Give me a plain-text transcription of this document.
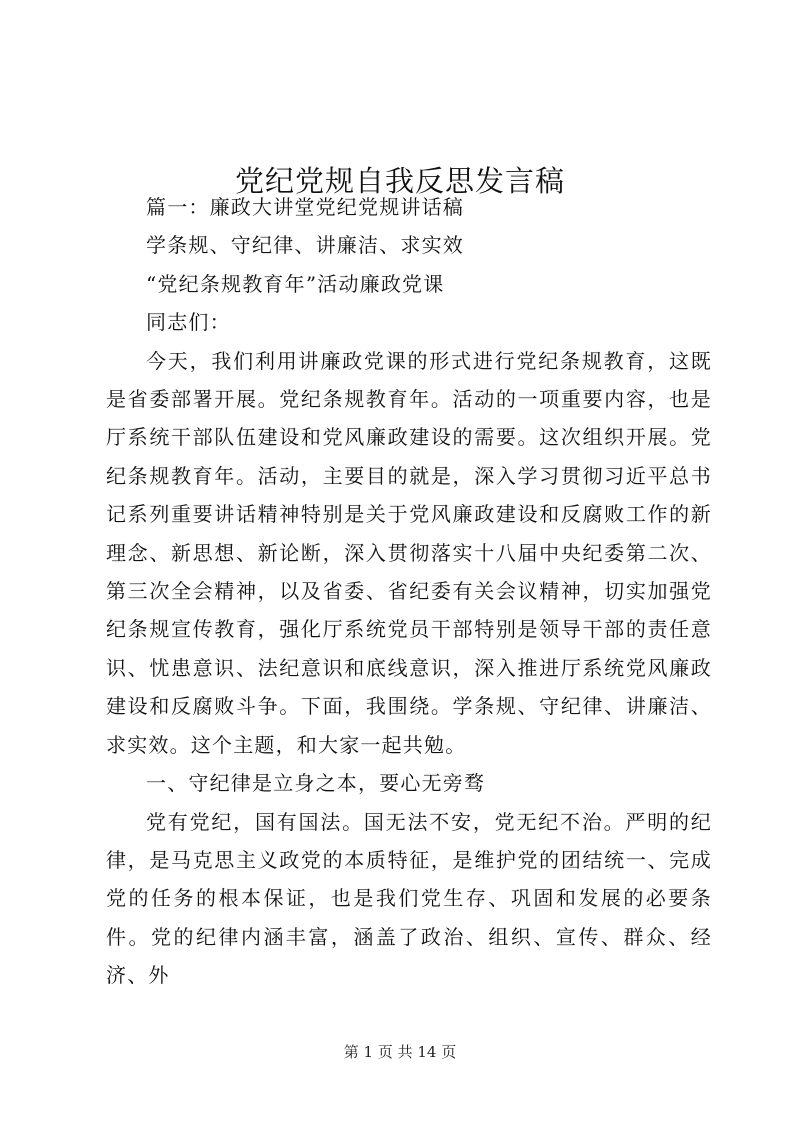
党纪党规自我反思发言稿

篇一：廉政大讲堂党纪党规讲话稿

学条规、守纪律、讲廉洁、求实效

“党纪条规教育年”活动廉政党课

同志们：

今天，我们利用讲廉政党课的形式进行党纪条规教育，这既是省委部署开展。党纪条规教育年。活动的一项重要内容，也是厅系统干部队伍建设和党风廉政建设的需要。这次组织开展。党纪条规教育年。活动，主要目的就是，深入学习贯彻习近平总书记系列重要讲话精神特别是关于党风廉政建设和反腐败工作的新理念、新思想、新论断，深入贯彻落实十八届中央纪委第二次、第三次全会精神，以及省委、省纪委有关会议精神，切实加强党纪条规宣传教育，强化厅系统党员干部特别是领导干部的责任意识、忧患意识、法纪意识和底线意识，深入推进厅系统党风廉政建设和反腐败斗争。下面，我围绕。学条规、守纪律、讲廉洁、求实效。这个主题，和大家一起共勉。

一、守纪律是立身之本，要心无旁骛

党有党纪，国有国法。国无法不安，党无纪不治。严明的纪律，是马克思主义政党的本质特征，是维护党的团结统一、完成党的任务的根本保证，也是我们党生存、巩固和发展的必要条件。党的纪律内涵丰富，涵盖了政治、组织、宣传、群众、经济、外

第 1 页 共 14 页
